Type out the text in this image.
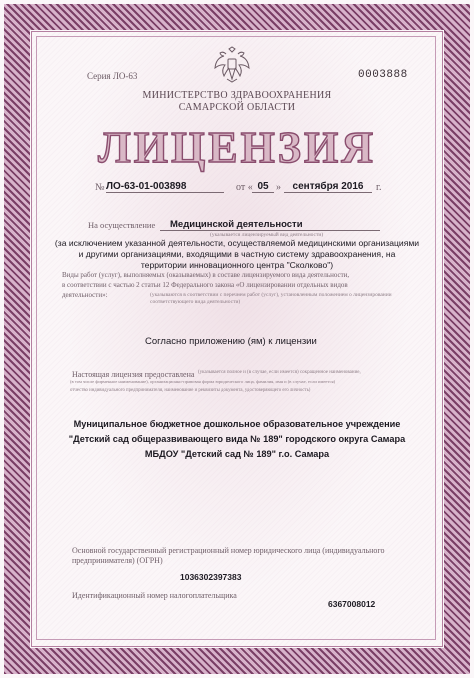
Серия ЛО-63	0003888
МИНИСТЕРСТВО ЗДРАВООХРАНЕНИЯ
САМАРСКОЙ ОБЛАСТИ
ЛИЦЕНЗИЯ
№ ЛО-63-01-003898	от « 05 »	сентября 2016	г.
На осуществление	Медицинской деятельности
(указывается лицензируемый вид деятельности)
(за исключением указанной деятельности, осуществляемой медицинскими организациями
и другими организациями, входящими в частную систему здравоохранения, на
территории инновационного центра "Сколково")
Виды работ (услуг), выполняемых (оказываемых) в составе лицензируемого вида деятельности,
в соответствии с частью 2 статьи 12 Федерального закона «О лицензировании отдельных видов
деятельности»:	(указываются в соответствии с перечнем работ (услуг), установленным положением о лицензировании
соответствующего вида деятельности)
Согласно приложению (ям) к лицензии
Настоящая лицензия предоставлена (указывается полное и (в случае, если имеется) сокращенное наименование,
(в том числе фирменное наименование), организационно-правовая форма юридического лица, фамилия, имя и (в случае, если имеется)
отчество индивидуального предпринимателя, наименование и реквизиты документа, удостоверяющего его личность)
Муниципальное бюджетное дошкольное образовательное учреждение
"Детский сад общеразвивающего вида № 189" городского округа Самара
МБДОУ "Детский сад № 189" г.о. Самара
Основной государственный регистрационный номер юридического лица (индивидуального
предпринимателя) (ОГРН)
1036302397383
Идентификационный номер налогоплательщика
6367008012
